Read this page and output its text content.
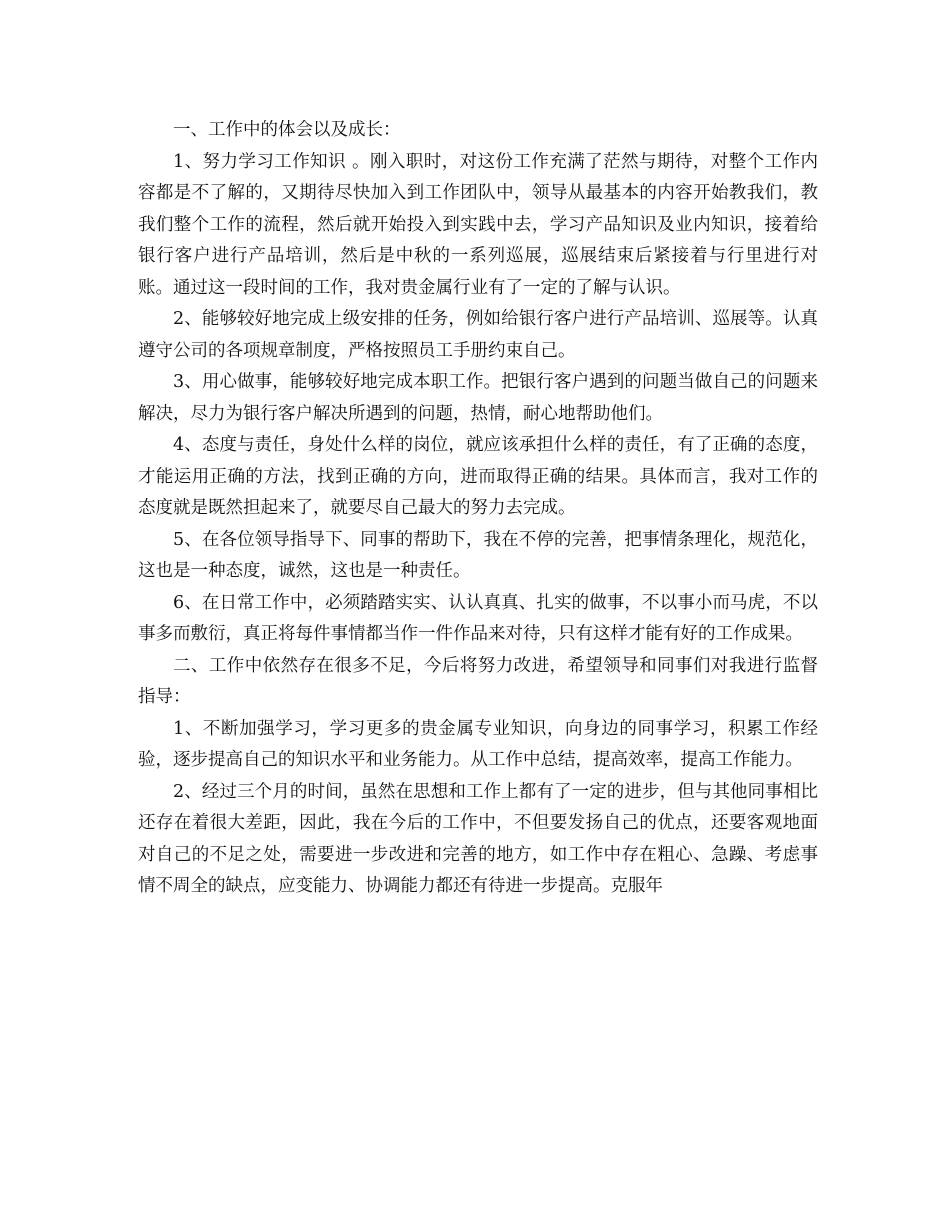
一、工作中的体会以及成长：

1、努力学习工作知识 。刚入职时，对这份工作充满了茫然与期待，对整个工作内容都是不了解的，又期待尽快加入到工作团队中，领导从最基本的内容开始教我们，教我们整个工作的流程，然后就开始投入到实践中去，学习产品知识及业内知识，接着给银行客户进行产品培训，然后是中秋的一系列巡展，巡展结束后紧接着与行里进行对账。通过这一段时间的工作，我对贵金属行业有了一定的了解与认识。

2、能够较好地完成上级安排的任务，例如给银行客户进行产品培训、巡展等。认真遵守公司的各项规章制度，严格按照员工手册约束自己。

3、用心做事，能够较好地完成本职工作。把银行客户遇到的问题当做自己的问题来解决，尽力为银行客户解决所遇到的问题，热情，耐心地帮助他们。

4、态度与责任，身处什么样的岗位，就应该承担什么样的责任，有了正确的态度，才能运用正确的方法，找到正确的方向，进而取得正确的结果。具体而言，我对工作的态度就是既然担起来了，就要尽自己最大的努力去完成。

5、在各位领导指导下、同事的帮助下，我在不停的完善，把事情条理化，规范化，这也是一种态度，诚然，这也是一种责任。

6、在日常工作中，必须踏踏实实、认认真真、扎实的做事，不以事小而马虎，不以事多而敷衍，真正将每件事情都当作一件作品来对待，只有这样才能有好的工作成果。

二、工作中依然存在很多不足，今后将努力改进，希望领导和同事们对我进行监督指导：

1、不断加强学习，学习更多的贵金属专业知识，向身边的同事学习，积累工作经验，逐步提高自己的知识水平和业务能力。从工作中总结，提高效率，提高工作能力。

2、经过三个月的时间，虽然在思想和工作上都有了一定的进步，但与其他同事相比还存在着很大差距，因此，我在今后的工作中，不但要发扬自己的优点，还要客观地面对自己的不足之处，需要进一步改进和完善的地方，如工作中存在粗心、急躁、考虑事情不周全的缺点，应变能力、协调能力都还有待进一步提高。克服年
